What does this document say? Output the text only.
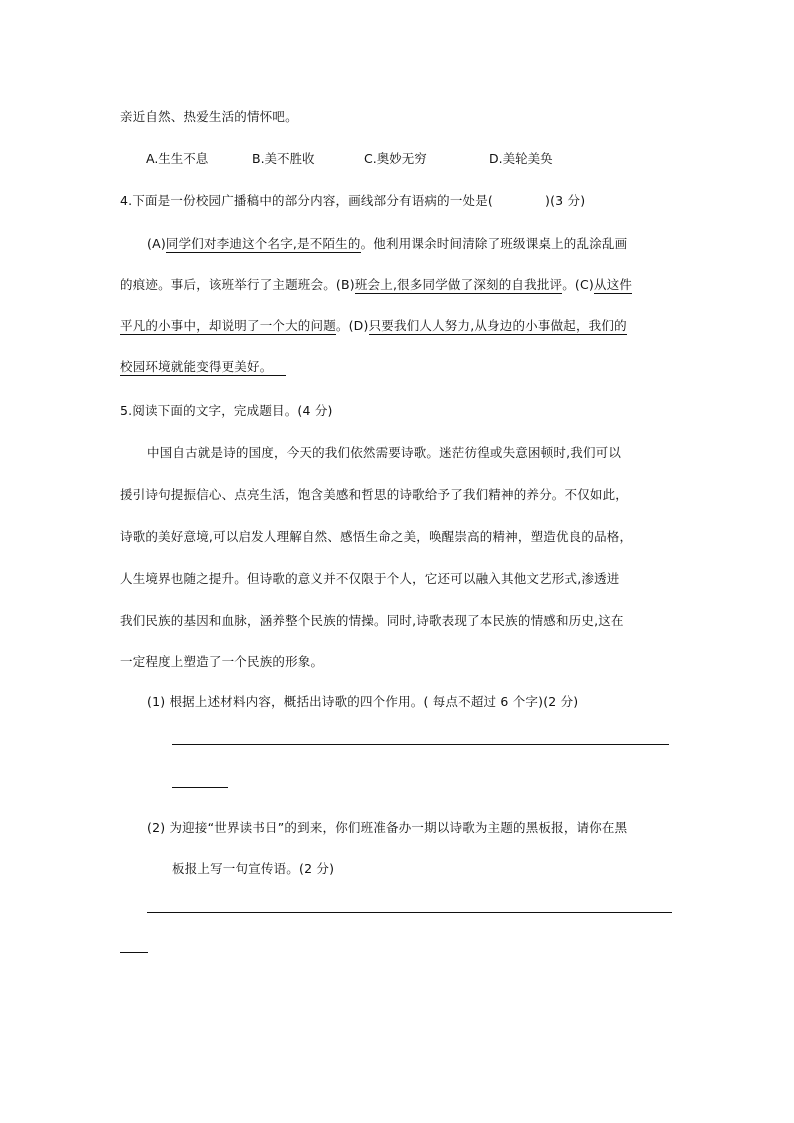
亲近自然、热爱生活的情怀吧。
A.生生不息	B.美不胜收	C.奥妙无穷	D.美轮美奂
4.下面是一份校园广播稿中的部分内容，画线部分有语病的一处是(	)(3 分)
(A)同学们对李迪这个名字,是不陌生的。他利用课余时间清除了班级课桌上的乱涂乱画
的痕迹。事后，该班举行了主题班会。(B)班会上,很多同学做了深刻的自我批评。(C)从这件
平凡的小事中，却说明了一个大的问题。(D)只要我们人人努力,从身边的小事做起，我们的
校园环境就能变得更美好。
5.阅读下面的文字，完成题目。(4 分)
中国自古就是诗的国度，今天的我们依然需要诗歌。迷茫彷徨或失意困顿时,我们可以
援引诗句提振信心、点亮生活，饱含美感和哲思的诗歌给予了我们精神的养分。不仅如此，
诗歌的美好意境,可以启发人理解自然、感悟生命之美，唤醒崇高的精神，塑造优良的品格，
人生境界也随之提升。但诗歌的意义并不仅限于个人，它还可以融入其他文艺形式,渗透进
我们民族的基因和血脉，涵养整个民族的情操。同时,诗歌表现了本民族的情感和历史,这在
一定程度上塑造了一个民族的形象。
(1) 根据上述材料内容，概括出诗歌的四个作用。( 每点不超过 6 个字)(2 分)
(2) 为迎接“世界读书日”的到来，你们班准备办一期以诗歌为主题的黑板报，请你在黑
板报上写一句宣传语。(2 分)
